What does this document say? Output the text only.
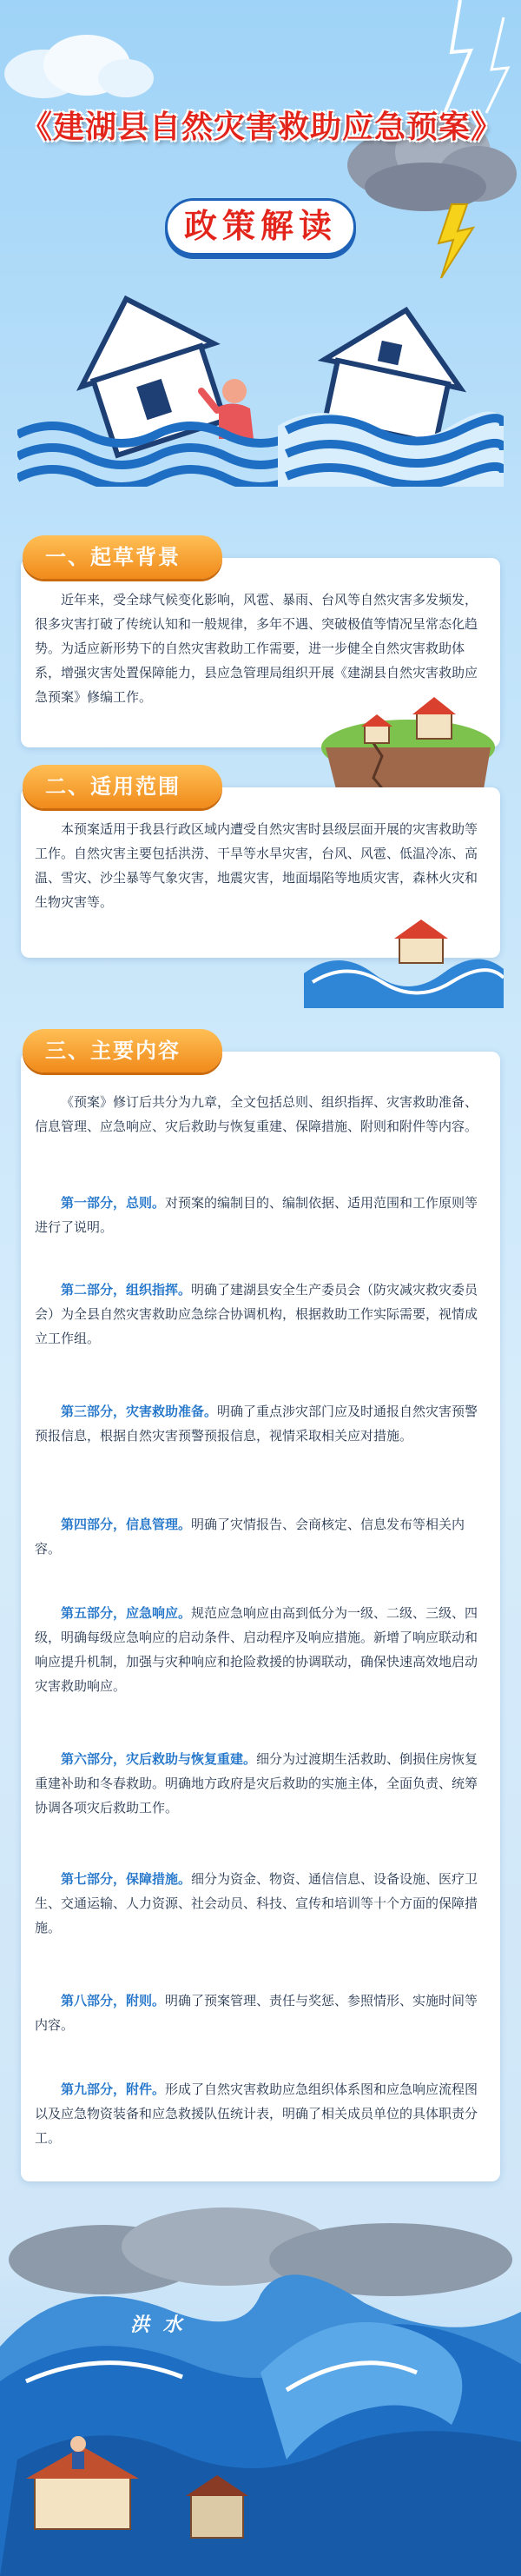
《建湖县自然灾害救助应急预案》
政策解读
一、起草背景
近年来，受全球气候变化影响，风雹、暴雨、台风等自然灾害多发频发，很多灾害打破了传统认知和一般规律，多年不遇、突破极值等情况呈常态化趋势。为适应新形势下的自然灾害救助工作需要，进一步健全自然灾害救助体系，增强灾害处置保障能力，县应急管理局组织开展《建湖县自然灾害救助应急预案》修编工作。
二、适用范围
本预案适用于我县行政区域内遭受自然灾害时县级层面开展的灾害救助等工作。自然灾害主要包括洪涝、干旱等水旱灾害，台风、风雹、低温冷冻、高温、雪灾、沙尘暴等气象灾害，地震灾害，地面塌陷等地质灾害，森林火灾和生物灾害等。
三、主要内容
《预案》修订后共分为九章，全文包括总则、组织指挥、灾害救助准备、信息管理、应急响应、灾后救助与恢复重建、保障措施、附则和附件等内容。
第一部分，总则。对预案的编制目的、编制依据、适用范围和工作原则等进行了说明。
第二部分，组织指挥。明确了建湖县安全生产委员会（防灾减灾救灾委员会）为全县自然灾害救助应急综合协调机构，根据救助工作实际需要，视情成立工作组。
第三部分，灾害救助准备。明确了重点涉灾部门应及时通报自然灾害预警预报信息，根据自然灾害预警预报信息，视情采取相关应对措施。
第四部分，信息管理。明确了灾情报告、会商核定、信息发布等相关内容。
第五部分，应急响应。规范应急响应由高到低分为一级、二级、三级、四级，明确每级应急响应的启动条件、启动程序及响应措施。新增了响应联动和响应提升机制，加强与灾种响应和抢险救援的协调联动，确保快速高效地启动灾害救助响应。
第六部分，灾后救助与恢复重建。细分为过渡期生活救助、倒损住房恢复重建补助和冬春救助。明确地方政府是灾后救助的实施主体，全面负责、统筹协调各项灾后救助工作。
第七部分，保障措施。细分为资金、物资、通信信息、设备设施、医疗卫生、交通运输、人力资源、社会动员、科技、宣传和培训等十个方面的保障措施。
第八部分，附则。明确了预案管理、责任与奖惩、参照情形、实施时间等内容。
第九部分，附件。形成了自然灾害救助应急组织体系图和应急响应流程图以及应急物资装备和应急救援队伍统计表，明确了相关成员单位的具体职责分工。
洪 水
